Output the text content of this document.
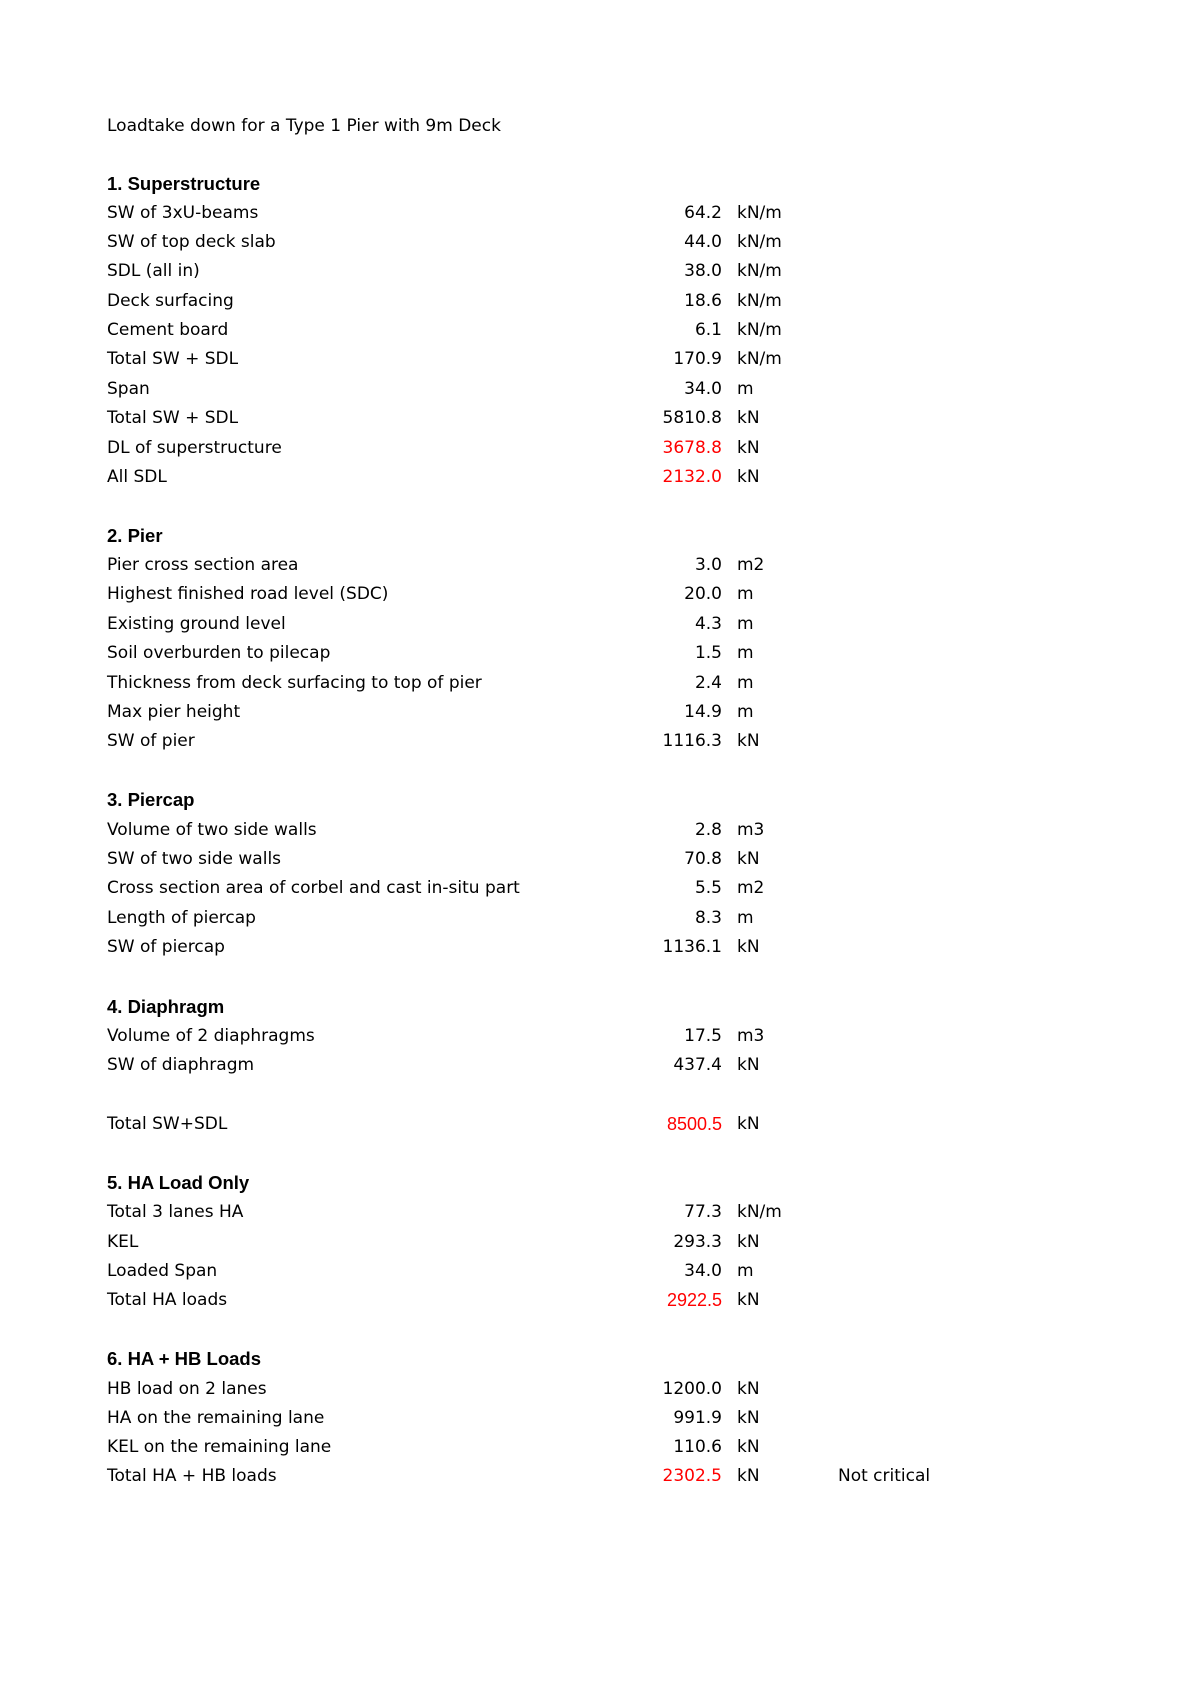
Loadtake down for a Type 1 Pier with 9m Deck
1. Superstructure
SW of 3xU-beams	64.2 kN/m
SW of top deck slab	44.0 kN/m
SDL (all in)	38.0 kN/m
Deck surfacing	18.6 kN/m
Cement board	6.1 kN/m
Total SW + SDL	170.9 kN/m
Span	34.0 m
Total SW + SDL	5810.8 kN
DL of superstructure	3678.8 kN
All SDL	2132.0 kN
2. Pier
Pier cross section area	3.0 m2
Highest finished road level (SDC)	20.0 m
Existing ground level	4.3 m
Soil overburden to pilecap	1.5 m
Thickness from deck surfacing to top of pier	2.4 m
Max pier height	14.9 m
SW of pier	1116.3 kN
3. Piercap
Volume of two side walls	2.8 m3
SW of two side walls	70.8 kN
Cross section area of corbel and cast in-situ part	5.5 m2
Length of piercap	8.3 m
SW of piercap	1136.1 kN
4. Diaphragm
Volume of 2 diaphragms	17.5 m3
SW of diaphragm	437.4 kN
Total SW+SDL	8500.5 kN
5. HA Load Only
Total 3 lanes HA	77.3 kN/m
KEL	293.3 kN
Loaded Span	34.0 m
Total HA loads	2922.5 kN
6. HA + HB Loads
HB load on 2 lanes	1200.0 kN
HA on the remaining lane	991.9 kN
KEL on the remaining lane	110.6 kN
Total HA + HB loads	2302.5 kN	Not critical
